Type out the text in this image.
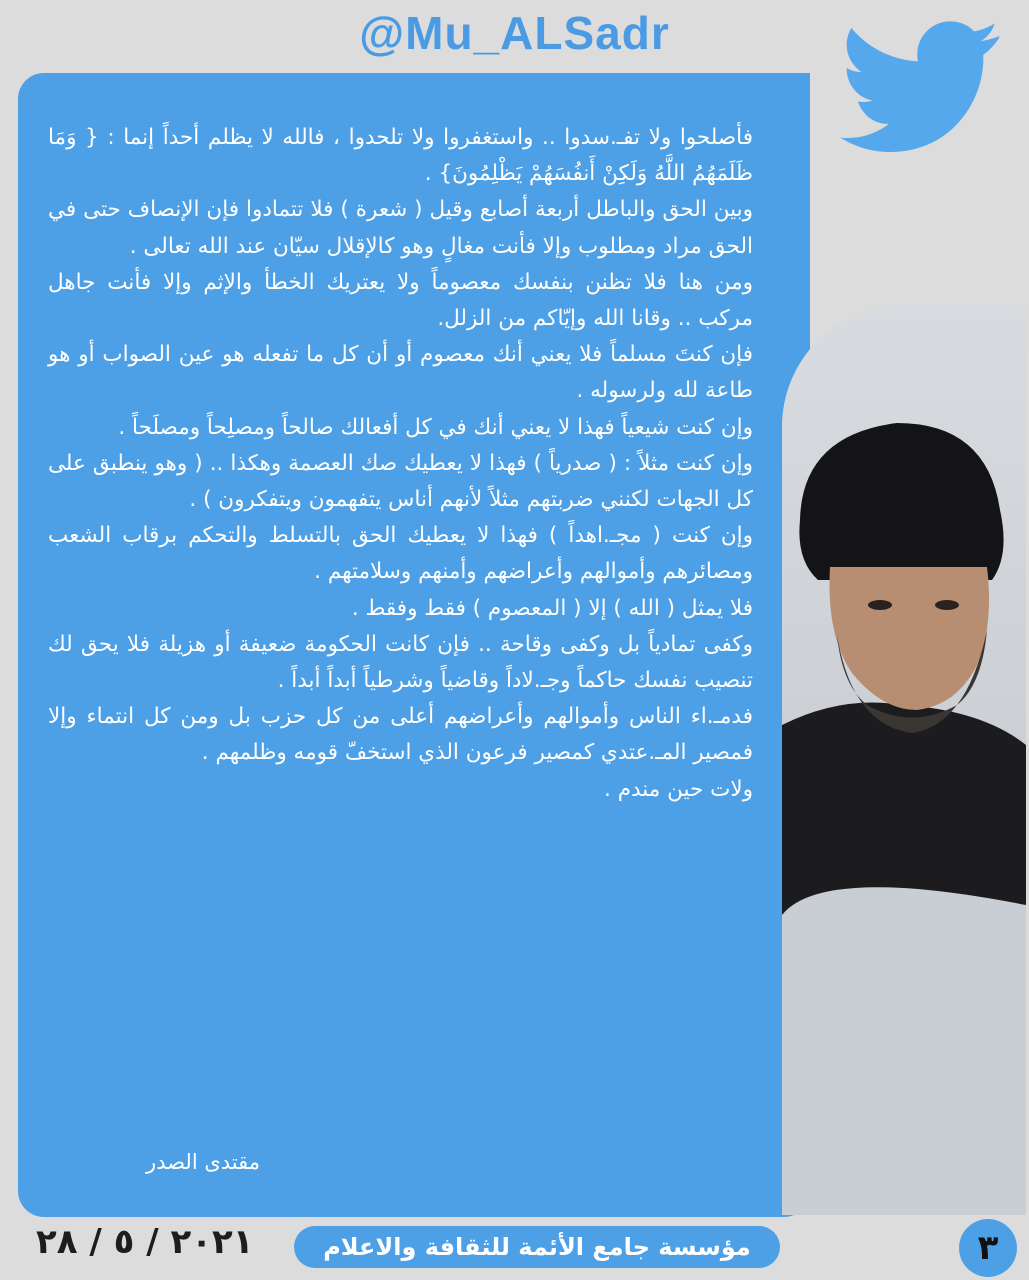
@Mu_ALSadr

فأصلحوا ولا تفـ.سدوا .. واستغفروا ولا تلحدوا ، فالله لا يظلم أحداً إنما : { وَمَا ظَلَمَهُمُ اللَّهُ وَلَكِنْ أَنفُسَهُمْ يَظْلِمُونَ} .

وبين الحق والباطل أربعة أصابع وقيل ( شعرة ) فلا تتمادوا فإن الإنصاف حتى في الحق مراد ومطلوب وإلا فأنت مغالٍ وهو كالإقلال سيّان عند الله تعالى .

ومن هنا فلا تظنن بنفسك معصوماً ولا يعتريك الخطأ والإثم وإلا فأنت جاهل مركب .. وقانا الله وإيّاكم من الزلل.

فإن كنتَ مسلماً فلا يعني أنك معصوم أو أن كل ما تفعله هو عين الصواب أو هو طاعة لله ولرسوله .

وإن كنت شيعياً فهذا لا يعني أنك في كل أفعالك صالحاً ومصلِحاً ومصلَحاً .

وإن كنت مثلاً : ( صدرياً ) فهذا لا يعطيك صك العصمة وهكذا .. ( وهو ينطبق على كل الجهات لكنني ضربتهم مثلاً لأنهم أناس يتفهمون ويتفكرون ) .

وإن كنت ( مجـ.اهداً ) فهذا لا يعطيك الحق بالتسلط والتحكم برقاب الشعب ومصائرهم وأموالهم وأعراضهم وأمنهم وسلامتهم .

فلا يمثل ( الله ) إلا ( المعصوم ) فقط وفقط .

وكفى تمادياً بل وكفى وقاحة .. فإن كانت الحكومة ضعيفة أو هزيلة فلا يحق لك تنصيب نفسك حاكماً وجـ.لاداً وقاضياً وشرطياً أبداً أبداً .

فدمـ.اء الناس وأموالهم وأعراضهم أعلى من كل حزب بل ومن كل انتماء وإلا فمصير المـ.عتدي كمصير فرعون الذي استخفّ قومه وظلمهم .

ولات حين مندم .

مقتدى الصدر
٢٠٢١ / ٥ / ٢٨	مؤسسة جامع الأئمة للثقافة والاعلام	٣
